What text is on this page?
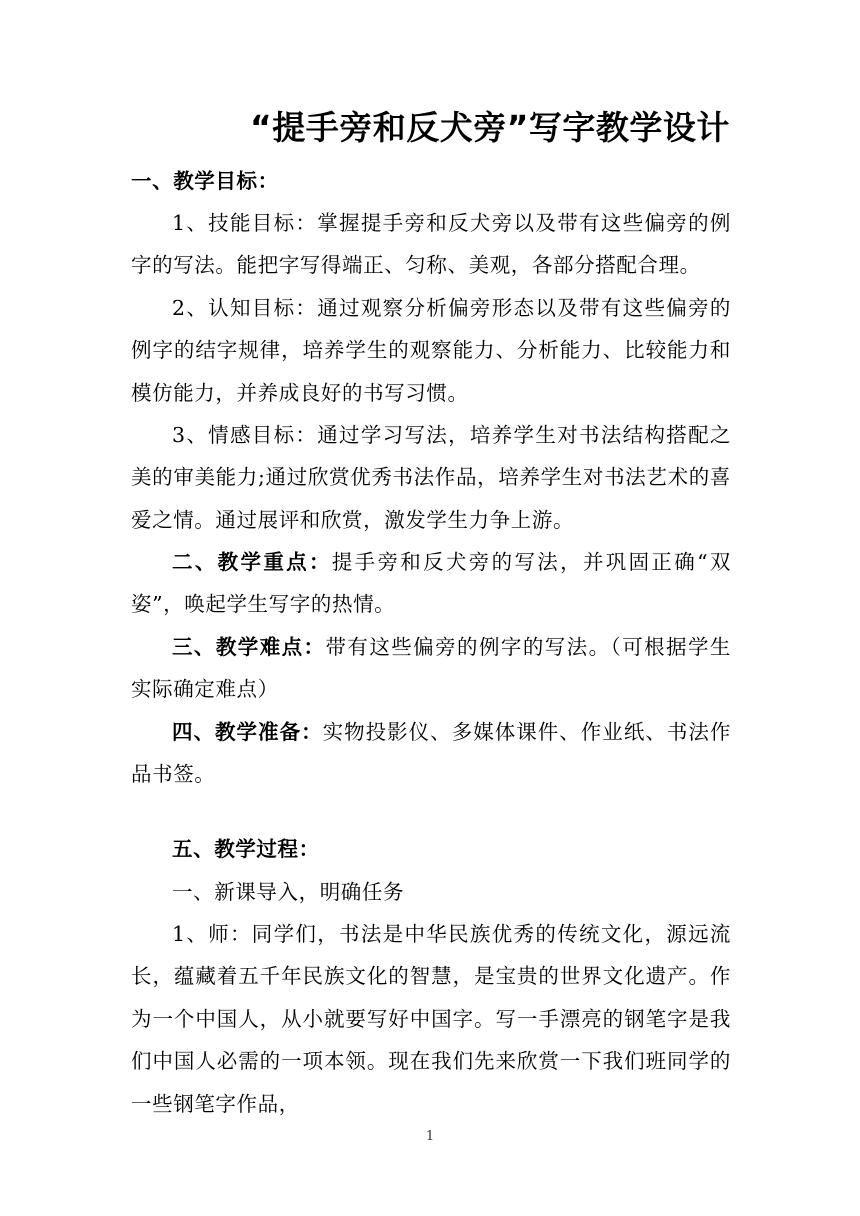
“提手旁和反犬旁”写字教学设计
一、教学目标：

1、技能目标：掌握提手旁和反犬旁以及带有这些偏旁的例字的写法。能把字写得端正、匀称、美观，各部分搭配合理。

2、认知目标：通过观察分析偏旁形态以及带有这些偏旁的例字的结字规律，培养学生的观察能力、分析能力、比较能力和模仿能力，并养成良好的书写习惯。

3、情感目标：通过学习写法，培养学生对书法结构搭配之美的审美能力;通过欣赏优秀书法作品，培养学生对书法艺术的喜爱之情。通过展评和欣赏，激发学生力争上游。

二、教学重点：提手旁和反犬旁的写法，并巩固正确“双姿”，唤起学生写字的热情。

三、教学难点：带有这些偏旁的例字的写法。（可根据学生实际确定难点）

四、教学准备：实物投影仪、多媒体课件、作业纸、书法作品书签。

五、教学过程：

一、新课导入，明确任务

1、师：同学们，书法是中华民族优秀的传统文化，源远流长，蕴藏着五千年民族文化的智慧，是宝贵的世界文化遗产。作为一个中国人，从小就要写好中国字。写一手漂亮的钢笔字是我们中国人必需的一项本领。现在我们先来欣赏一下我们班同学的一些钢笔字作品，

1
